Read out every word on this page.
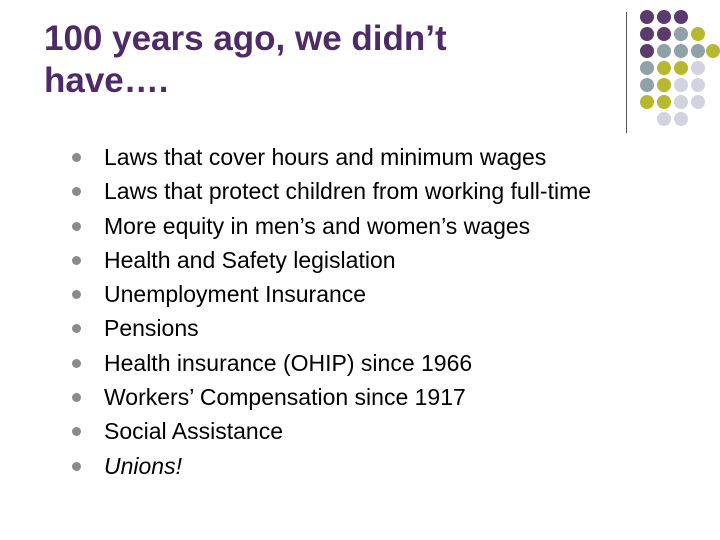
100 years ago, we didn’t
have….
Laws that cover hours and minimum wages
Laws that protect children from working full-time
More equity in men’s and women’s wages
Health and Safety legislation
Unemployment Insurance
Pensions
Health insurance (OHIP) since 1966
Workers’ Compensation since 1917
Social Assistance
Unions!
